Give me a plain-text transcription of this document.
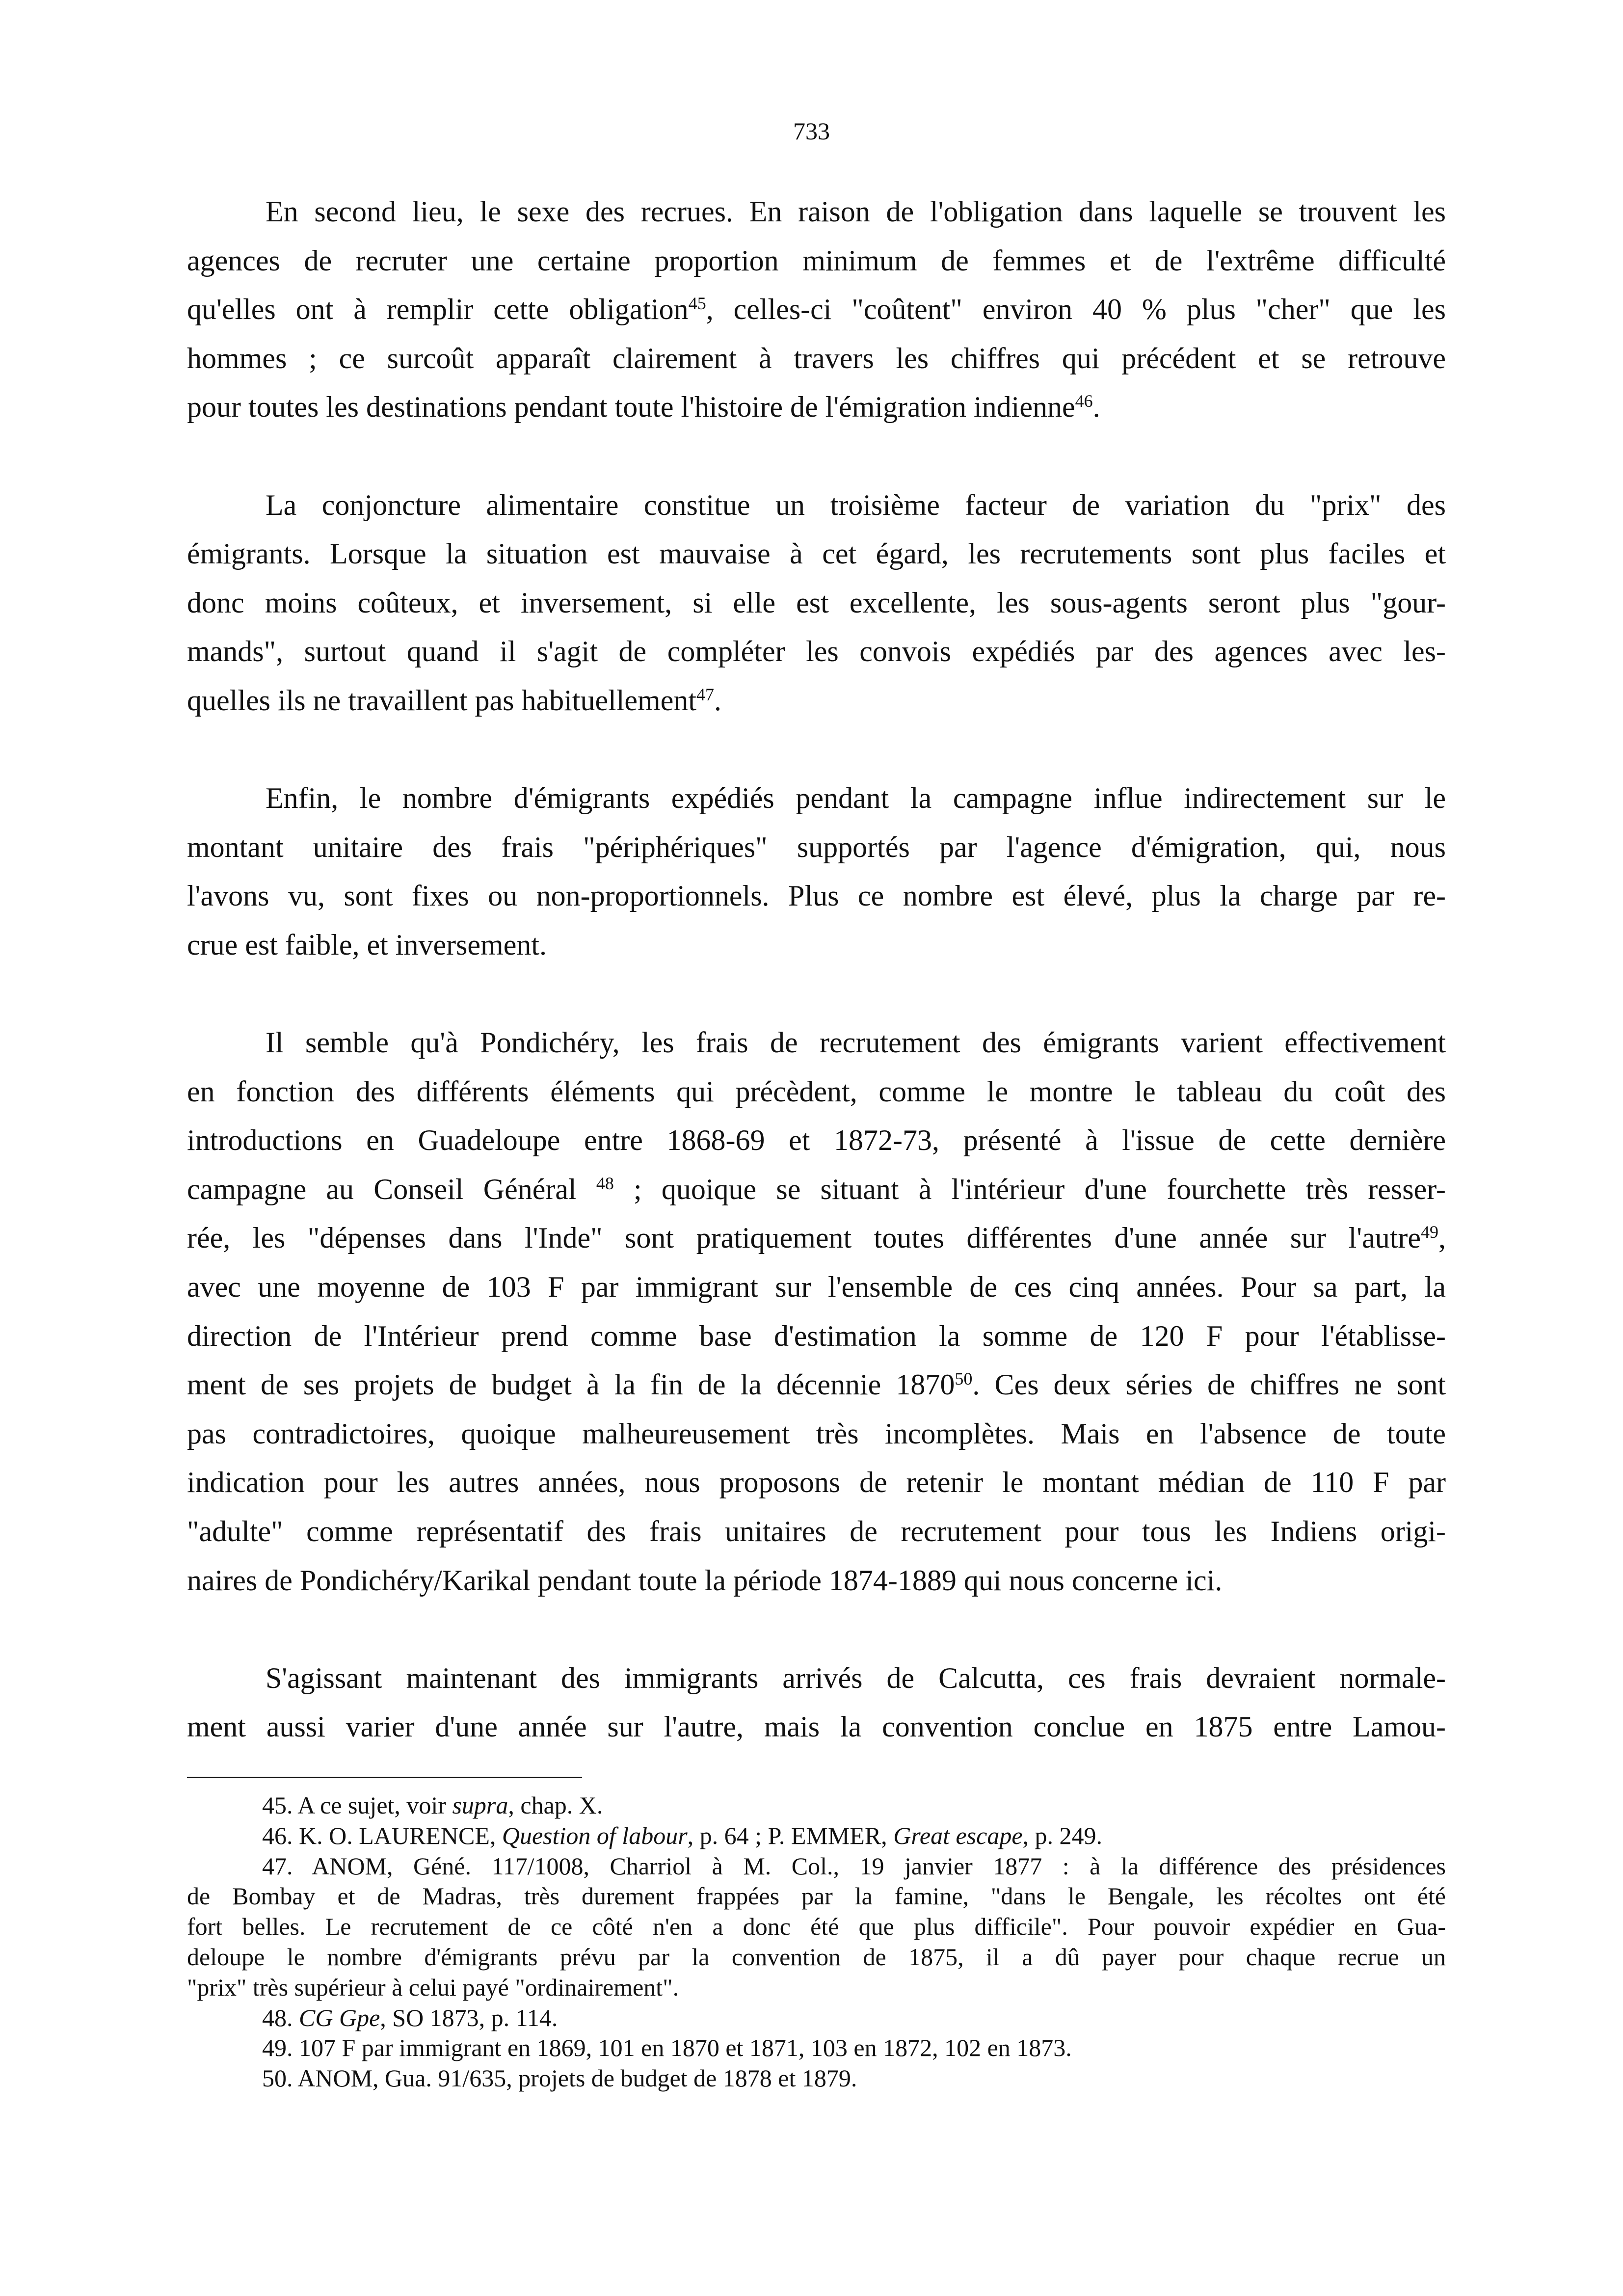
733
En second lieu, le sexe des recrues. En raison de l'obligation dans laquelle se trouvent les
agences de recruter une certaine proportion minimum de femmes et de l'extrême difficulté
qu'elles ont à remplir cette obligation$^{45}$, celles-ci "coûtent" environ 40 % plus "cher" que les
hommes ; ce surcoût apparaît clairement à travers les chiffres qui précédent et se retrouve
pour toutes les destinations pendant toute l'histoire de l'émigration indienne$^{46}$.
La conjoncture alimentaire constitue un troisième facteur de variation du "prix" des
émigrants. Lorsque la situation est mauvaise à cet égard, les recrutements sont plus faciles et
donc moins coûteux, et inversement, si elle est excellente, les sous-agents seront plus "gour-
mands", surtout quand il s'agit de compléter les convois expédiés par des agences avec les-
quelles ils ne travaillent pas habituellement$^{47}$.
Enfin, le nombre d'émigrants expédiés pendant la campagne influe indirectement sur le
montant unitaire des frais "périphériques" supportés par l'agence d'émigration, qui, nous
l'avons vu, sont fixes ou non-proportionnels. Plus ce nombre est élevé, plus la charge par re-
crue est faible, et inversement.
Il semble qu'à Pondichéry, les frais de recrutement des émigrants varient effectivement
en fonction des différents éléments qui précèdent, comme le montre le tableau du coût des
introductions en Guadeloupe entre 1868-69 et 1872-73, présenté à l'issue de cette dernière
campagne au Conseil Général $^{48}$ ; quoique se situant à l'intérieur d'une fourchette très resser-
rée, les "dépenses dans l'Inde" sont pratiquement toutes différentes d'une année sur l'autre$^{49}$,
avec une moyenne de 103 F par immigrant sur l'ensemble de ces cinq années. Pour sa part, la
direction de l'Intérieur prend comme base d'estimation la somme de 120 F pour l'établisse-
ment de ses projets de budget à la fin de la décennie 1870$^{50}$. Ces deux séries de chiffres ne sont
pas contradictoires, quoique malheureusement très incomplètes. Mais en l'absence de toute
indication pour les autres années, nous proposons de retenir le montant médian de 110 F par
"adulte" comme représentatif des frais unitaires de recrutement pour tous les Indiens origi-
naires de Pondichéry/Karikal pendant toute la période 1874-1889 qui nous concerne ici.
S'agissant maintenant des immigrants arrivés de Calcutta, ces frais devraient normale-
ment aussi varier d'une année sur l'autre, mais la convention conclue en 1875 entre Lamou-
45. A ce sujet, voir supra, chap. X.
46. K. O. LAURENCE, Question of labour, p. 64 ; P. EMMER, Great escape, p. 249.
47. ANOM, Géné. 117/1008, Charriol à M. Col., 19 janvier 1877 : à la différence des présidences
de Bombay et de Madras, très durement frappées par la famine, "dans le Bengale, les récoltes ont été
fort belles. Le recrutement de ce côté n'en a donc été que plus difficile". Pour pouvoir expédier en Gua-
deloupe le nombre d'émigrants prévu par la convention de 1875, il a dû payer pour chaque recrue un
"prix" très supérieur à celui payé "ordinairement".
48. CG Gpe, SO 1873, p. 114.
49. 107 F par immigrant en 1869, 101 en 1870 et 1871, 103 en 1872, 102 en 1873.
50. ANOM, Gua. 91/635, projets de budget de 1878 et 1879.
